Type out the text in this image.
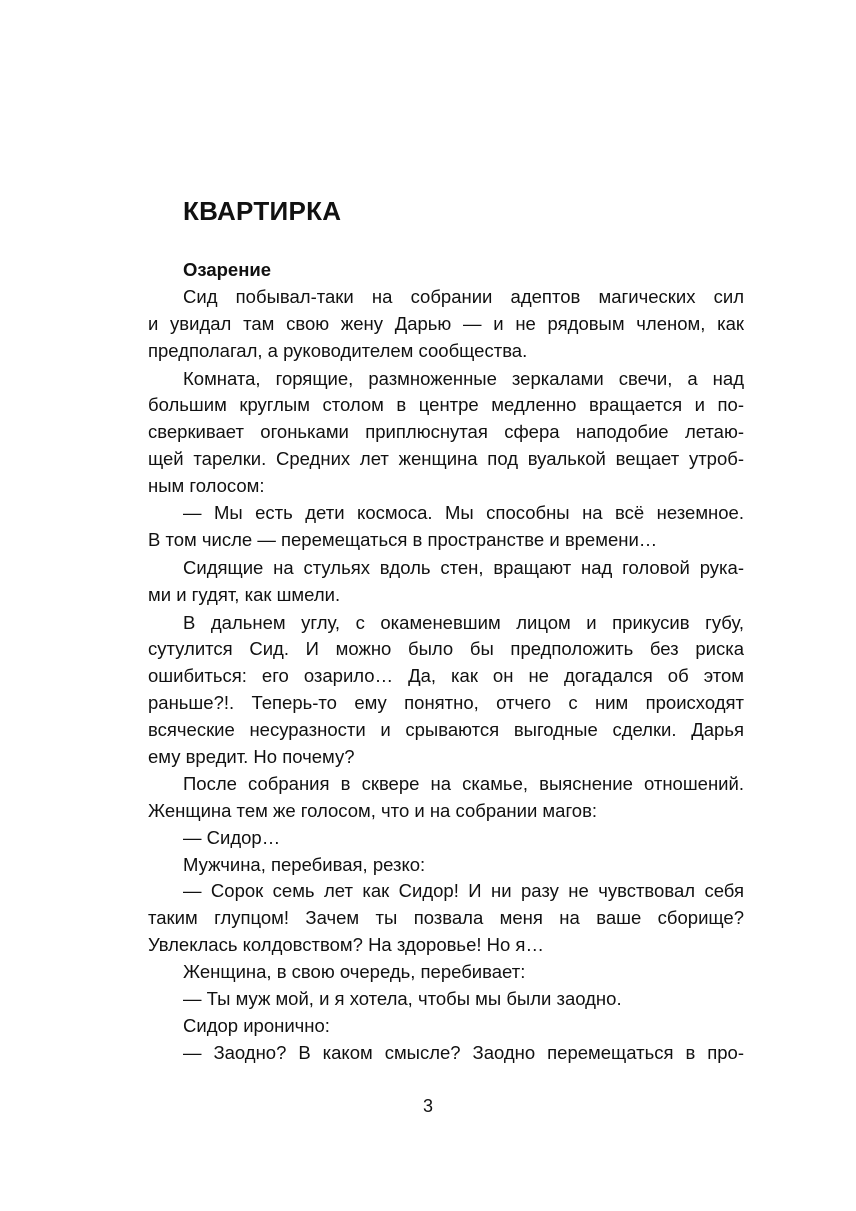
КВАРТИРКА
Озарение
Сид побывал-таки на собрании адептов магических сил
и увидал там свою жену Дарью — и не рядовым членом, как
предполагал, а руководителем сообщества.
Комната, горящие, размноженные зеркалами свечи, а над
большим круглым столом в центре медленно вращается и по-
сверкивает огоньками приплюснутая сфера наподобие летаю-
щей тарелки. Средних лет женщина под вуалькой вещает утроб-
ным голосом:
— Мы есть дети космоса. Мы способны на всё неземное.
В том числе — перемещаться в пространстве и времени…
Сидящие на стульях вдоль стен, вращают над головой рука-
ми и гудят, как шмели.
В дальнем углу, с окаменевшим лицом и прикусив губу,
сутулится Сид. И можно было бы предположить без риска
ошибиться: его озарило… Да, как он не догадался об этом
раньше?!. Теперь-то ему понятно, отчего с ним происходят
всяческие несуразности и срываются выгодные сделки. Дарья
ему вредит. Но почему?
После собрания в сквере на скамье, выяснение отношений.
Женщина тем же голосом, что и на собрании магов:
— Сидор…
Мужчина, перебивая, резко:
— Сорок семь лет как Сидор! И ни разу не чувствовал себя
таким глупцом! Зачем ты позвала меня на ваше сборище?
Увлеклась колдовством? На здоровье! Но я…
Женщина, в свою очередь, перебивает:
— Ты муж мой, и я хотела, чтобы мы были заодно.
Сидор иронично:
— Заодно? В каком смысле? Заодно перемещаться в про-
3
